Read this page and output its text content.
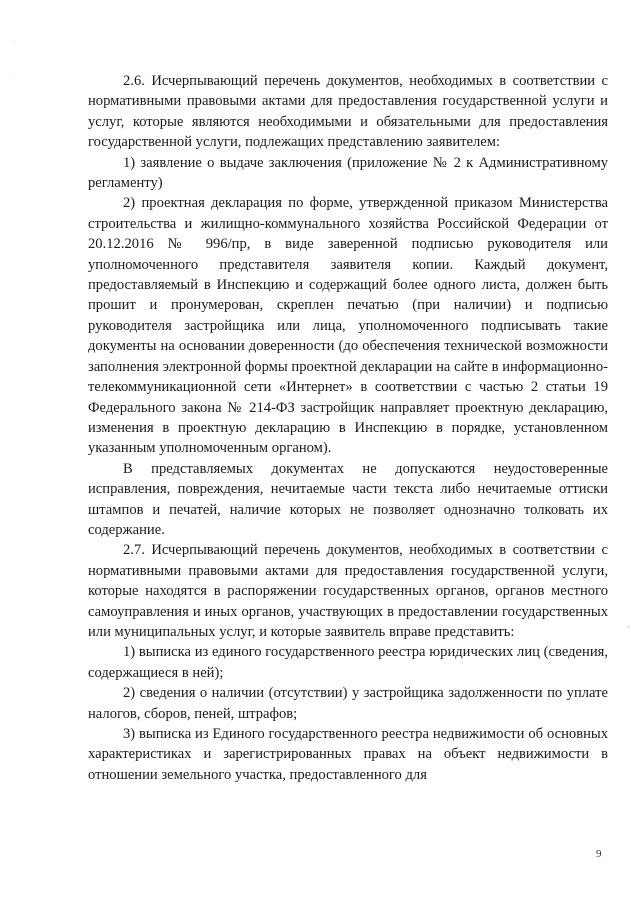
··
·
‚

2.6. Исчерпывающий перечень документов, необходимых в соответствии с нормативными правовыми актами для предоставления государственной услуги и услуг, которые являются необходимыми и обязательными для предоставления государственной услуги, подлежащих представлению заявителем:

1) заявление о выдаче заключения (приложение № 2 к Административному регламенту)

2) проектная декларация по форме, утвержденной приказом Министерства строительства и жилищно-коммунального хозяйства Российской Федерации от 20.12.2016 № 996/пр, в виде заверенной подписью руководителя или уполномоченного представителя заявителя копии. Каждый документ, предоставляемый в Инспекцию и содержащий более одного листа, должен быть прошит и пронумерован, скреплен печатью (при наличии) и подписью руководителя застройщика или лица, уполномоченного подписывать такие документы на основании доверенности (до обеспечения технической возможности заполнения электронной формы проектной декларации на сайте в информационно-телекоммуникационной сети «Интернет» в соответствии с частью 2 статьи 19 Федерального закона № 214-ФЗ застройщик направляет проектную декларацию, изменения в проектную декларацию в Инспекцию в порядке, установленном указанным уполномоченным органом).

В представляемых документах не допускаются неудостоверенные исправления, повреждения, нечитаемые части текста либо нечитаемые оттиски штампов и печатей, наличие которых не позволяет однозначно толковать их содержание.

2.7. Исчерпывающий перечень документов, необходимых в соответствии с нормативными правовыми актами для предоставления государственной услуги, которые находятся в распоряжении государственных органов, органов местного самоуправления и иных органов, участвующих в предоставлении государственных или муниципальных услуг, и которые заявитель вправе представить:

1) выписка из единого государственного реестра юридических лиц (сведения, содержащиеся в ней);

2) сведения о наличии (отсутствии) у застройщика задолженности по уплате налогов, сборов, пеней, штрафов;

3) выписка из Единого государственного реестра недвижимости об основных характеристиках и зарегистрированных правах на объект недвижимости в отношении земельного участка, предоставленного для

9
